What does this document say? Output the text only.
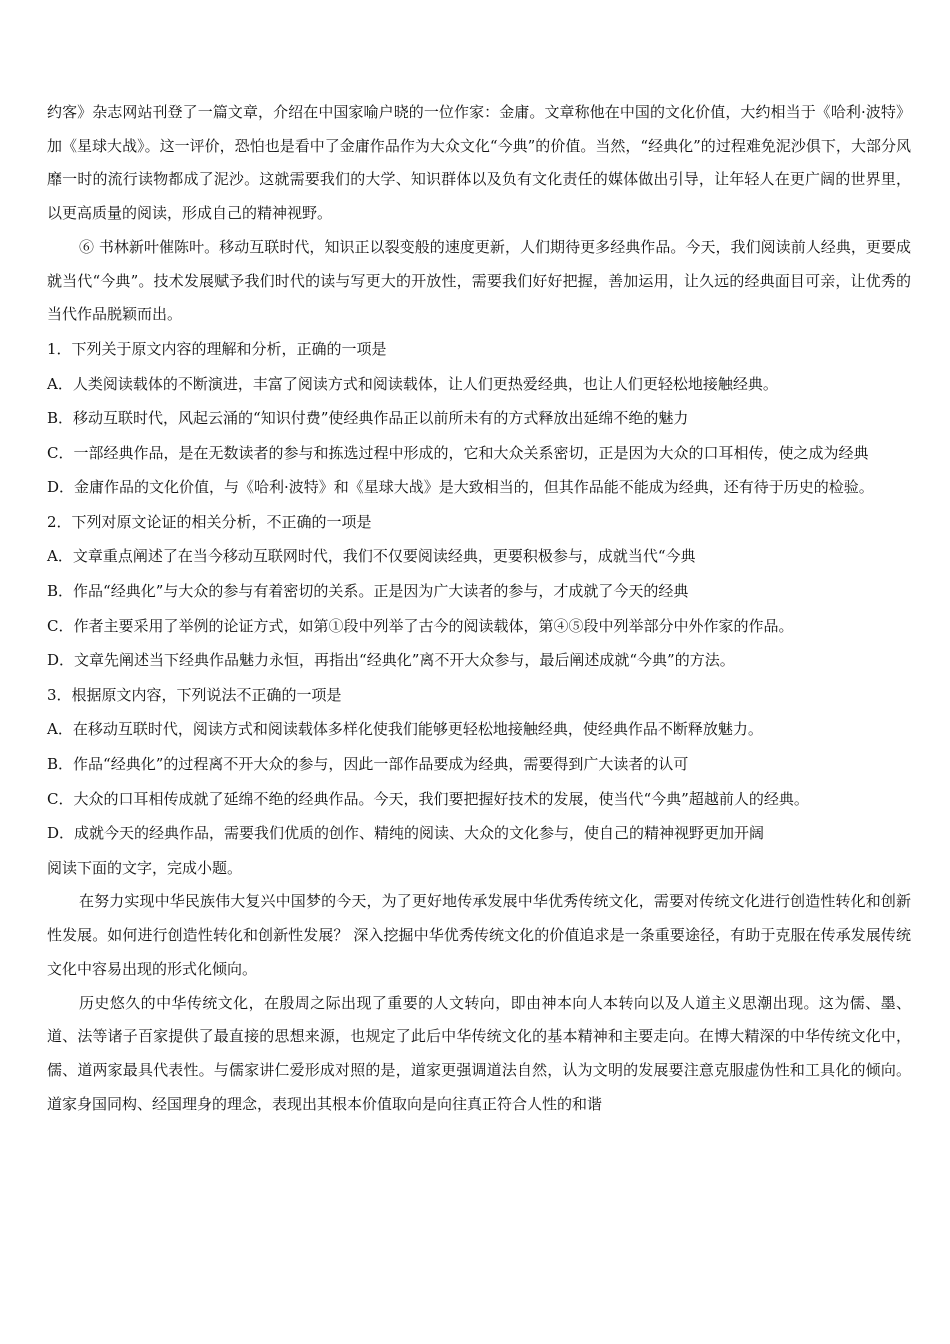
约客》杂志网站刊登了一篇文章，介绍在中国家喻户晓的一位作家：金庸。文章称他在中国的文化价值，大约相当于《哈利·波特》加《星球大战》。这一评价，恐怕也是看中了金庸作品作为大众文化“今典”的价值。当然，“经典化”的过程难免泥沙俱下，大部分风靡一时的流行读物都成了泥沙。这就需要我们的大学、知识群体以及负有文化责任的媒体做出引导，让年轻人在更广阔的世界里，以更高质量的阅读，形成自己的精神视野。

⑥ 书林新叶催陈叶。移动互联时代，知识正以裂变般的速度更新，人们期待更多经典作品。今天，我们阅读前人经典，更要成就当代“今典”。技术发展赋予我们时代的读与写更大的开放性，需要我们好好把握，善加运用，让久远的经典面目可亲，让优秀的当代作品脱颖而出。

1．下列关于原文内容的理解和分析，正确的一项是

A．人类阅读载体的不断演进，丰富了阅读方式和阅读载体，让人们更热爱经典，也让人们更轻松地接触经典。

B．移动互联时代，风起云涌的“知识付费”使经典作品正以前所未有的方式释放出延绵不绝的魅力

C．一部经典作品，是在无数读者的参与和拣选过程中形成的，它和大众关系密切，正是因为大众的口耳相传，使之成为经典

D．金庸作品的文化价值，与《哈利·波特》和《星球大战》是大致相当的，但其作品能不能成为经典，还有待于历史的检验。

2．下列对原文论证的相关分析，不正确的一项是

A．文章重点阐述了在当今移动互联网时代，我们不仅要阅读经典，更要积极参与，成就当代“今典

B．作品“经典化”与大众的参与有着密切的关系。正是因为广大读者的参与，才成就了今天的经典

C．作者主要采用了举例的论证方式，如第①段中列举了古今的阅读载体，第④⑤段中列举部分中外作家的作品。

D．文章先阐述当下经典作品魅力永恒，再指出“经典化”离不开大众参与，最后阐述成就“今典”的方法。

3．根据原文内容，下列说法不正确的一项是

A．在移动互联时代，阅读方式和阅读载体多样化使我们能够更轻松地接触经典，使经典作品不断释放魅力。

B．作品“经典化”的过程离不开大众的参与，因此一部作品要成为经典，需要得到广大读者的认可

C．大众的口耳相传成就了延绵不绝的经典作品。今天，我们要把握好技术的发展，使当代“今典”超越前人的经典。

D．成就今天的经典作品，需要我们优质的创作、精纯的阅读、大众的文化参与，使自己的精神视野更加开阔

阅读下面的文字，完成小题。

在努力实现中华民族伟大复兴中国梦的今天，为了更好地传承发展中华优秀传统文化，需要对传统文化进行创造性转化和创新性发展。如何进行创造性转化和创新性发展？ 深入挖掘中华优秀传统文化的价值追求是一条重要途径，有助于克服在传承发展传统文化中容易出现的形式化倾向。

历史悠久的中华传统文化，在殷周之际出现了重要的人文转向，即由神本向人本转向以及人道主义思潮出现。这为儒、墨、道、法等诸子百家提供了最直接的思想来源，也规定了此后中华传统文化的基本精神和主要走向。在博大精深的中华传统文化中，儒、道两家最具代表性。与儒家讲仁爱形成对照的是，道家更强调道法自然，认为文明的发展要注意克服虚伪性和工具化的倾向。道家身国同构、经国理身的理念，表现出其根本价值取向是向往真正符合人性的和谐
